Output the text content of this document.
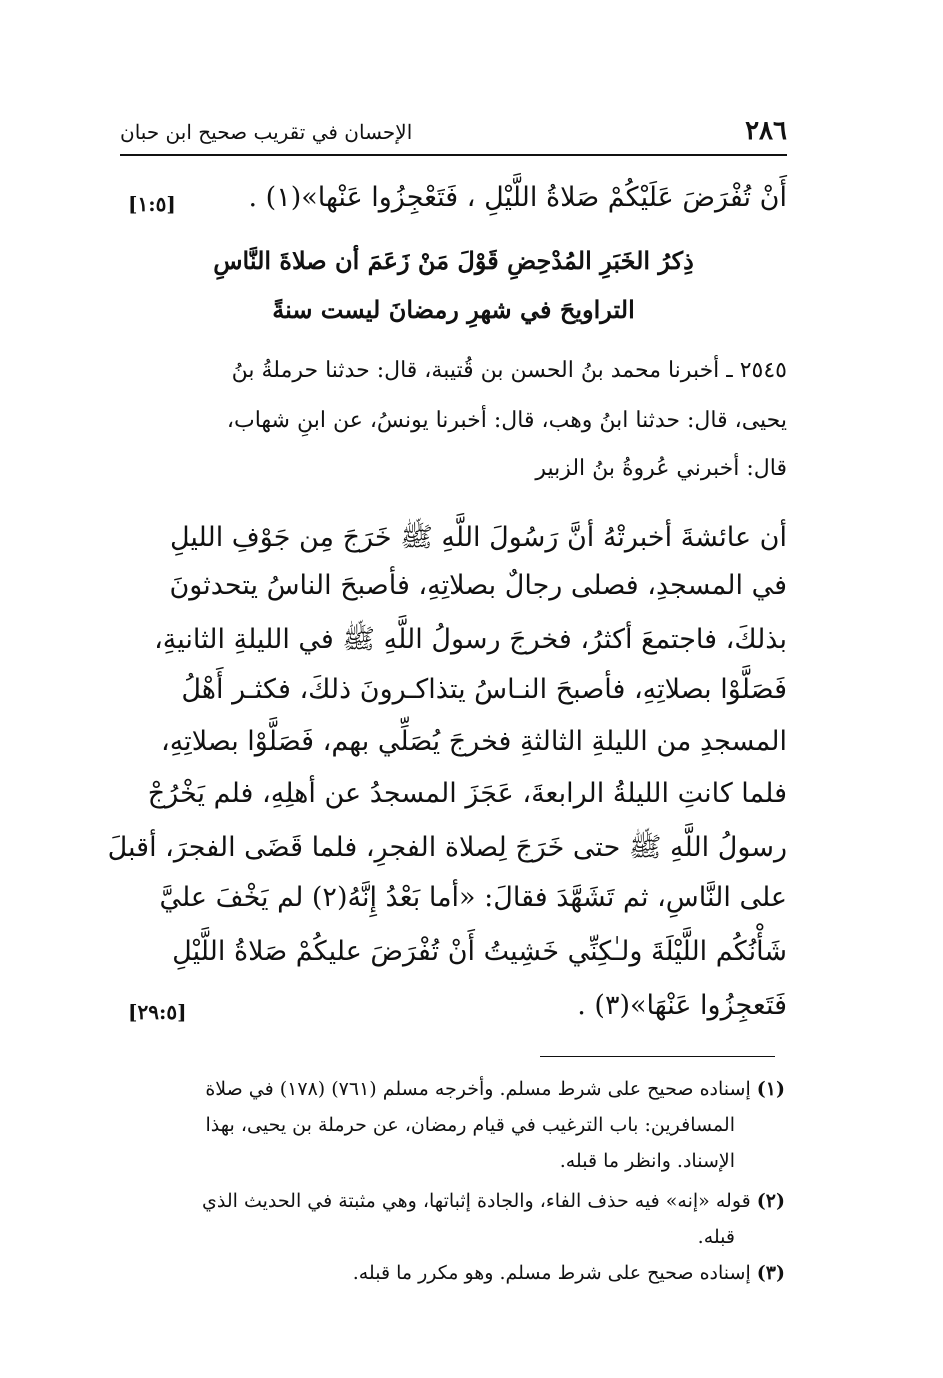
٢٨٦
الإحسان في تقريب صحيح ابن حبان
أَنْ تُفْرَضَ عَلَيْكُمْ صَلاةُ اللَّيْلِ ، فَتَعْجِزُوا عَنْها»(١) .
[١:٥]
ذِكرُ الخَبَرِ المُدْحِضِ قَوْلَ مَنْ زَعَمَ أن صلاةَ النَّاسِ
التراويحَ في شهرِ رمضانَ ليست سنةً
٢٥٤٥ ـ أخبرنا محمد بنُ الحسن بن قُتيبة، قال: حدثنا حرملةُ بنُ
يحيى، قال: حدثنا ابنُ وهب، قال: أخبرنا يونسُ، عن ابنِ شهاب،
قال: أخبرني عُروةُ بنُ الزبير
أن عائشةَ أخبرتْهُ أنَّ رَسُولَ اللَّهِ ﷺ خَرَجَ مِن جَوْفِ الليلِ
في المسجدِ، فصلى رجالٌ بصلاتِهِ، فأصبحَ الناسُ يتحدثونَ
بذلكَ، فاجتمعَ أكثرُ، فخرجَ رسولُ اللَّهِ ﷺ في الليلةِ الثانيةِ،
فَصَلَّوْا بصلاتِهِ، فأصبحَ النـاسُ يتذاكـرونَ ذلكَ، فكثـر أَهْلُ
المسجدِ من الليلةِ الثالثةِ فخرجَ يُصَلِّي بهم، فَصَلَّوْا بصلاتِهِ،
فلما كانتِ الليلةُ الرابعةَ، عَجَزَ المسجدُ عن أهلِهِ، فلم يَخْرُجْ
رسولُ اللَّهِ ﷺ حتى خَرَجَ لِصلاة الفجرِ، فلما قَضَى الفجرَ، أقبلَ
على النَّاسِ، ثم تَشَهَّدَ فقالَ: «أما بَعْدُ إِنَّهُ(٢) لم يَخْفَ عليَّ
شَأْنُكُم اللَّيْلَةَ ولـٰكِنِّي خَشِيتُ أَنْ تُفْرَضَ عليكُمْ صَلاةُ اللَّيْلِ
فَتَعجِزُوا عَنْهَا»(٣) .
[٢٩:٥]
(١) إسناده صحيح على شرط مسلم. وأخرجه مسلم (٧٦١) (١٧٨) في صلاة
المسافرين: باب الترغيب في قيام رمضان، عن حرملة بن يحيى، بهذا
الإسناد. وانظر ما قبله.
(٢) قوله «إنه» فيه حذف الفاء، والجادة إثباتها، وهي مثبتة في الحديث الذي
قبله.
(٣) إسناده صحيح على شرط مسلم. وهو مكرر ما قبله.
